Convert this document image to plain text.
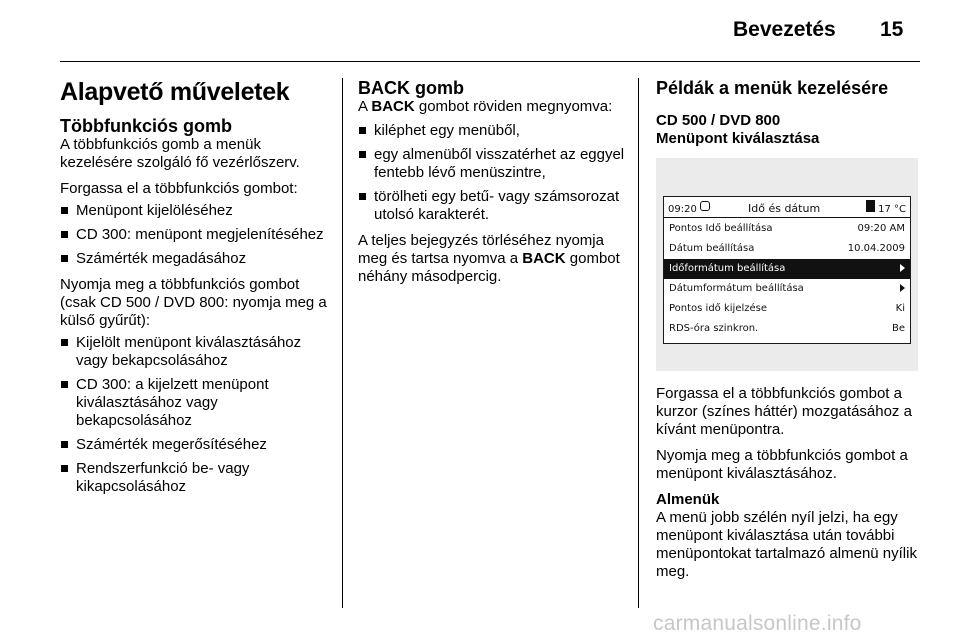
Bevezetés 15
Alapvető műveletek
Többfunkciós gomb

A többfunkciós gomb a menük kezelésére szolgáló fő vezérlőszerv.

Forgassa el a többfunkciós gombot:

Menüpont kijelöléséhez
CD 300: menüpont megjelenítéséhez
Számérték megadásához

Nyomja meg a többfunkciós gombot (csak CD 500 / DVD 800: nyomja meg a külső gyűrűt):

Kijelölt menüpont kiválasztásához vagy bekapcsolásához
CD 300: a kijelzett menüpont kiválasztásához vagy bekapcsolásához
Számérték megerősítéséhez
Rendszerfunkció be- vagy kikapcsolásához
BACK gomb

A BACK gombot röviden megnyomva:

kiléphet egy menüből,
egy almenüből visszatérhet az eggyel fentebb lévő menüszintre,
törölheti egy betű- vagy számsorozat utolsó karakterét.

A teljes bejegyzés törléséhez nyomja meg és tartsa nyomva a BACK gombot néhány másodpercig.

Példák a menük kezelésére
CD 500 / DVD 800
Menüpont kiválasztása
09:20	Idő és dátum	17 °C
Pontos Idő beállítása	09:20 AM
Dátum beállítása	10.04.2009
Időformátum beállítása
Dátumformátum beállítása
Pontos idő kijelzése	Ki
RDS-óra szinkron.	Be

Forgassa el a többfunkciós gombot a kurzor (színes háttér) mozgatásához a kívánt menüpontra.

Nyomja meg a többfunkciós gombot a menüpont kiválasztásához.

Almenük

A menü jobb szélén nyíl jelzi, ha egy menüpont kiválasztása után további menüpontokat tartalmazó almenü nyílik meg.

carmanualsonline.info
